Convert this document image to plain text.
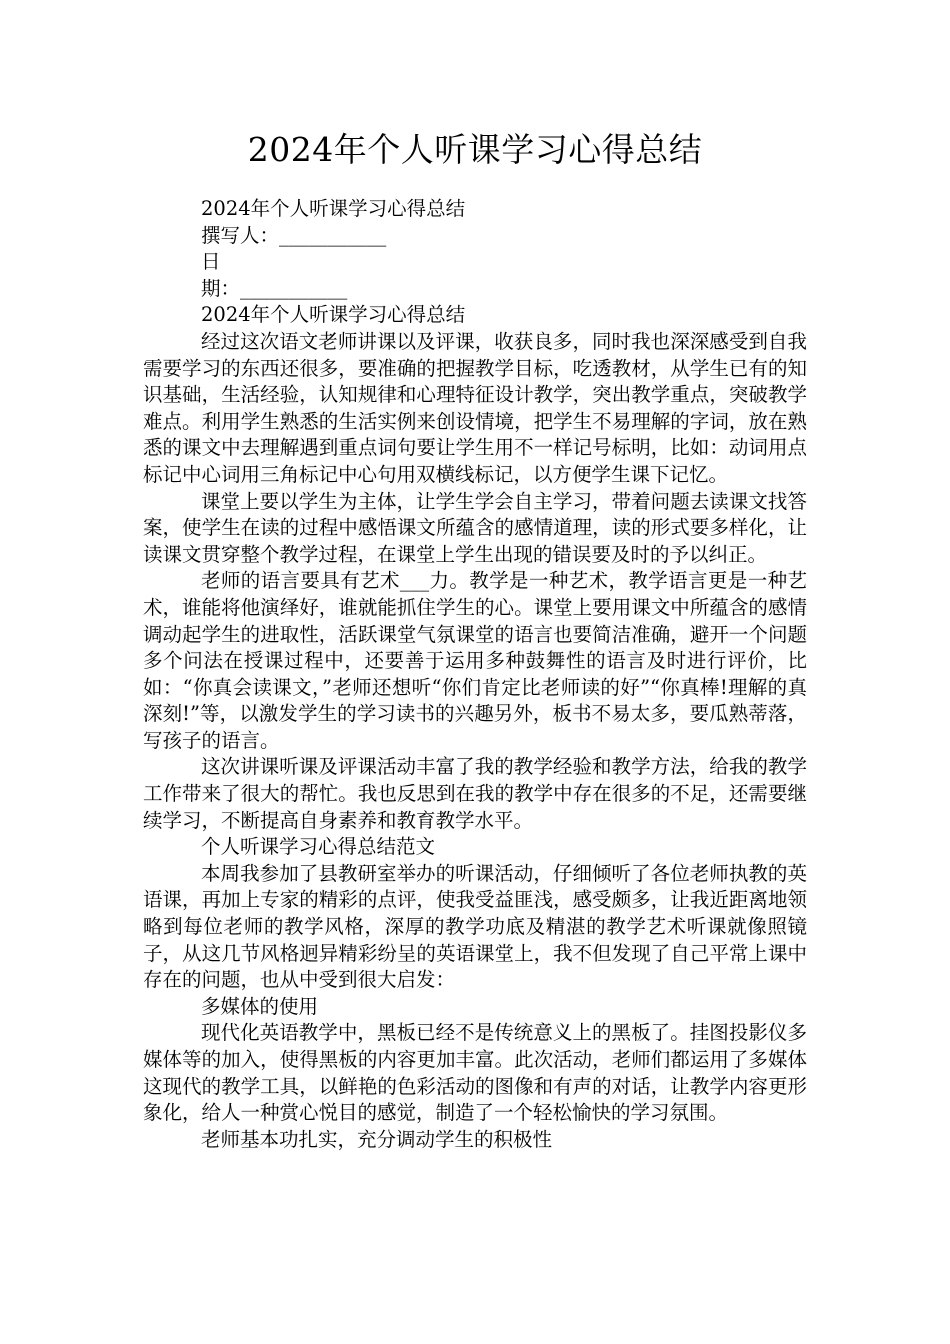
2024年个人听课学习心得总结
2024年个人听课学习心得总结
撰写人：___________
日
期：___________
2024年个人听课学习心得总结

经过这次语文老师讲课以及评课，收获良多，同时我也深深感受到自我需要学习的东西还很多，要准确的把握教学目标，吃透教材，从学生已有的知识基础，生活经验，认知规律和心理特征设计教学，突出教学重点，突破教学难点。利用学生熟悉的生活实例来创设情境，把学生不易理解的字词，放在熟悉的课文中去理解遇到重点词句要让学生用不一样记号标明，比如：动词用点标记中心词用三角标记中心句用双横线标记，以方便学生课下记忆。

课堂上要以学生为主体，让学生学会自主学习，带着问题去读课文找答案，使学生在读的过程中感悟课文所蕴含的感情道理，读的形式要多样化，让读课文贯穿整个教学过程，在课堂上学生出现的错误要及时的予以纠正。

老师的语言要具有艺术___力。教学是一种艺术，教学语言更是一种艺术，谁能将他演绎好，谁就能抓住学生的心。课堂上要用课文中所蕴含的感情调动起学生的进取性，活跃课堂气氛课堂的语言也要简洁准确，避开一个问题多个问法在授课过程中，还要善于运用多种鼓舞性的语言及时进行评价，比如：“你真会读课文，”老师还想听“你们肯定比老师读的好”“你真棒!理解的真深刻!”等，以激发学生的学习读书的兴趣另外，板书不易太多，要瓜熟蒂落，写孩子的语言。

这次讲课听课及评课活动丰富了我的教学经验和教学方法，给我的教学工作带来了很大的帮忙。我也反思到在我的教学中存在很多的不足，还需要继续学习，不断提高自身素养和教育教学水平。

个人听课学习心得总结范文

本周我参加了县教研室举办的听课活动，仔细倾听了各位老师执教的英语课，再加上专家的精彩的点评，使我受益匪浅，感受颇多，让我近距离地领略到每位老师的教学风格，深厚的教学功底及精湛的教学艺术听课就像照镜子，从这几节风格迥异精彩纷呈的英语课堂上，我不但发现了自己平常上课中存在的问题，也从中受到很大启发：

多媒体的使用

现代化英语教学中，黑板已经不是传统意义上的黑板了。挂图投影仪多媒体等的加入，使得黑板的内容更加丰富。此次活动，老师们都运用了多媒体这现代的教学工具，以鲜艳的色彩活动的图像和有声的对话，让教学内容更形象化，给人一种赏心悦目的感觉，制造了一个轻松愉快的学习氛围。

老师基本功扎实，充分调动学生的积极性
